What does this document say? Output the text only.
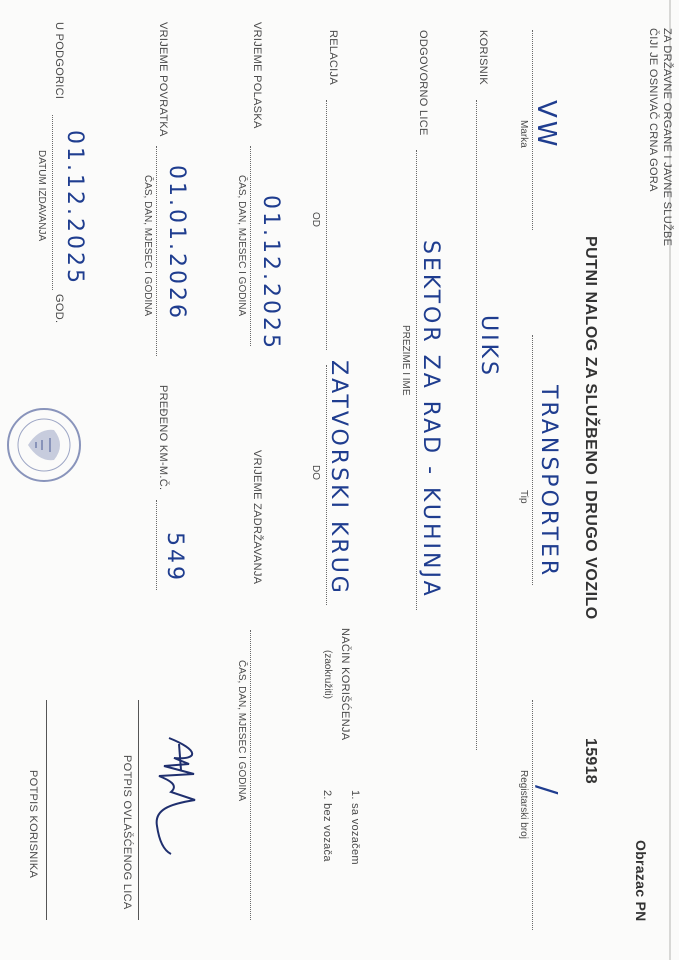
ZA DRŽAVNE ORGANE I JAVNE SLUŽBE
ČIJI JE OSNIVAČ CRNA GORA
Obrazac PN
PUTNI NALOG ZA SLUŽBENO I DRUGO VOZILO
15918
VW
Marka
TRANSPORTER
Tip
/
Registarski broj
KORISNIK
UIKS
ODGOVORNO LICE
SEKTOR ZA RAD - KUHINJA
PREZIME I IME
RELACIJA
OD
ZATVORSKI KRUG
DO
NAČIN KORIŠĆENJA
(zaokružiti)
1. sa vozačem
2. bez vozača
VRIJEME POLASKA
01.12.2025
ČAS, DAN, MJESEC I GODINA
VRIJEME ZADRŽAVANJA
ČAS, DAN, MJESEC I GODINA
VRIJEME POVRATKA
01.01.2026
ČAS, DAN, MJESEC I GODINA
PREĐENO KM-M.Č.
549
POTPIS OVLAŠĆENOG LICA
U PODGORICI
01.12.2025
GOD.
DATUM IZDAVANJA
POTPIS KORISNIKA
